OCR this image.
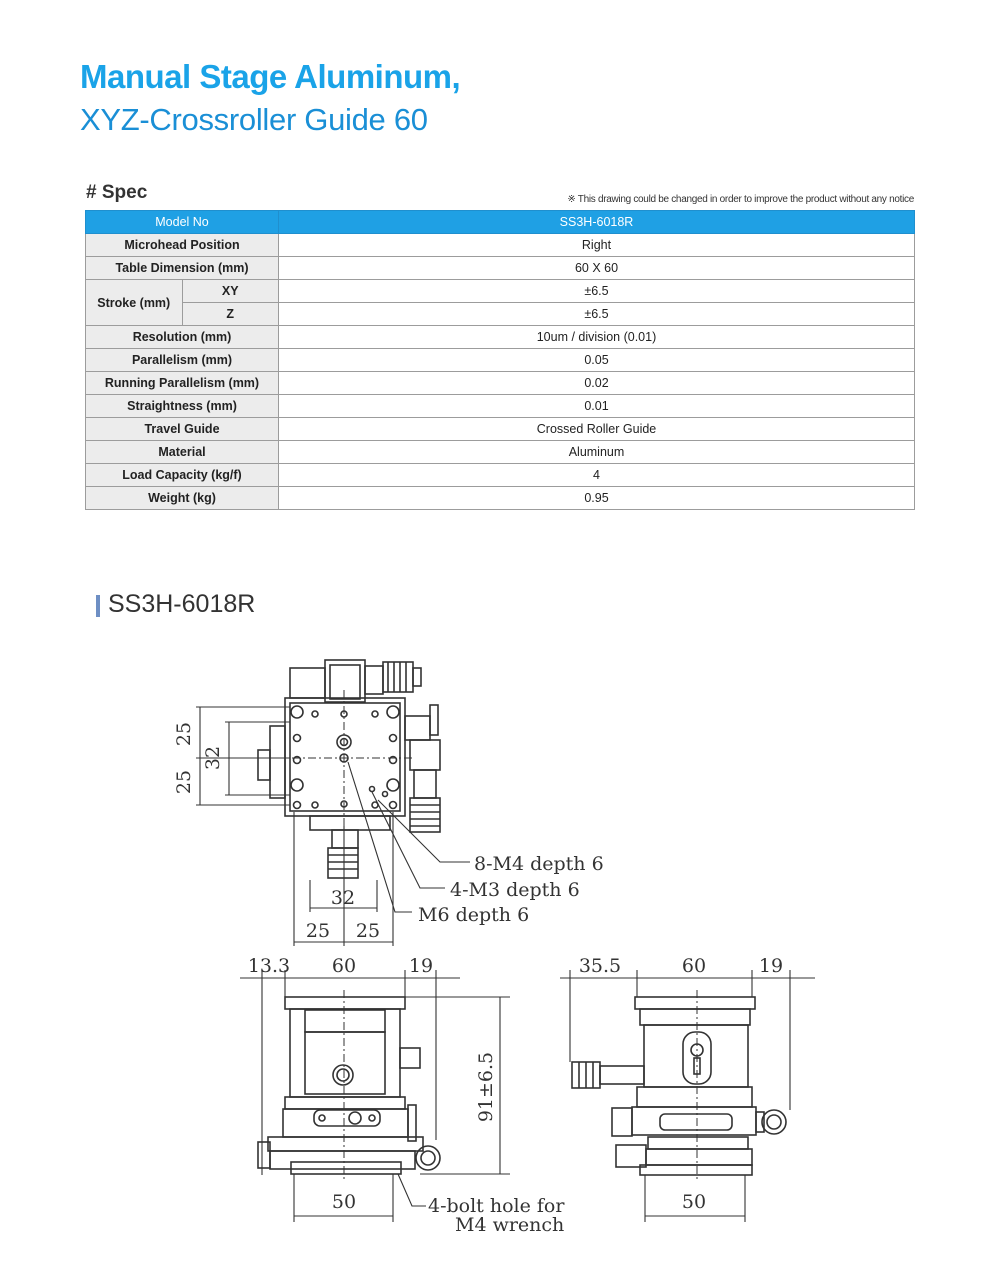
Manual Stage Aluminum,
XYZ-Crossroller Guide 60
# Spec	※ This drawing could be changed in order to improve the product without any notice
Model No		SS3H-6018R
Microhead Position		Right
Table Dimension (mm)		60 X 60
Stroke (mm)	XY	±6.5
	Z	±6.5
Resolution (mm)		10um / division (0.01)
Parallelism (mm)		0.05
Running Parallelism (mm)		0.02
Straightness (mm)		0.01
Travel Guide		Crossed Roller Guide
Material		Aluminum
Load Capacity (kg/f)		4
Weight (kg)		0.95
SS3H-6018R
25
32
25
32
25 25
8-M4 depth 6
4-M3 depth 6
M6 depth 6
13.3 60	19
91±6.5
50	4-bolt hole for
M4 wrench
35.5	60	19
50
